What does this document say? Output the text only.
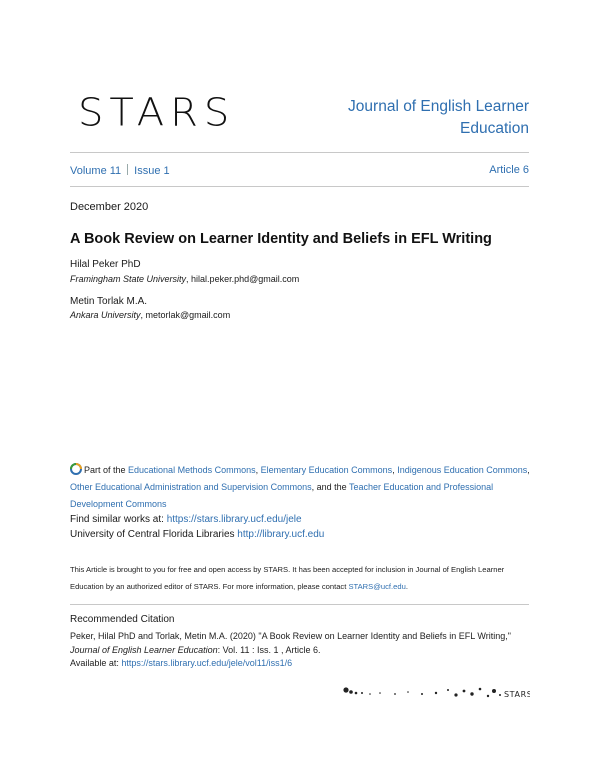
STARS	Journal of English Learner
Education
Volume 11 Issue 1	Article 6
December 2020
A Book Review on Learner Identity and Beliefs in EFL Writing
Hilal Peker PhD
Framingham State University, hilal.peker.phd@gmail.com
Metin Torlak M.A.
Ankara University, metorlak@gmail.com
Part of the Educational Methods Commons, Elementary Education Commons, Indigenous Education Commons, Other Educational Administration and Supervision Commons, and the Teacher Education and Professional Development Commons
Find similar works at: https://stars.library.ucf.edu/jele
University of Central Florida Libraries http://library.ucf.edu
This Article is brought to you for free and open access by STARS. It has been accepted for inclusion in Journal of English Learner Education by an authorized editor of STARS. For more information, please contact STARS@ucf.edu.
Recommended Citation
Peker, Hilal PhD and Torlak, Metin M.A. (2020) "A Book Review on Learner Identity and Beliefs in EFL Writing," Journal of English Learner Education: Vol. 11 : Iss. 1 , Article 6.
Available at: https://stars.library.ucf.edu/jele/vol11/iss1/6
STARS
